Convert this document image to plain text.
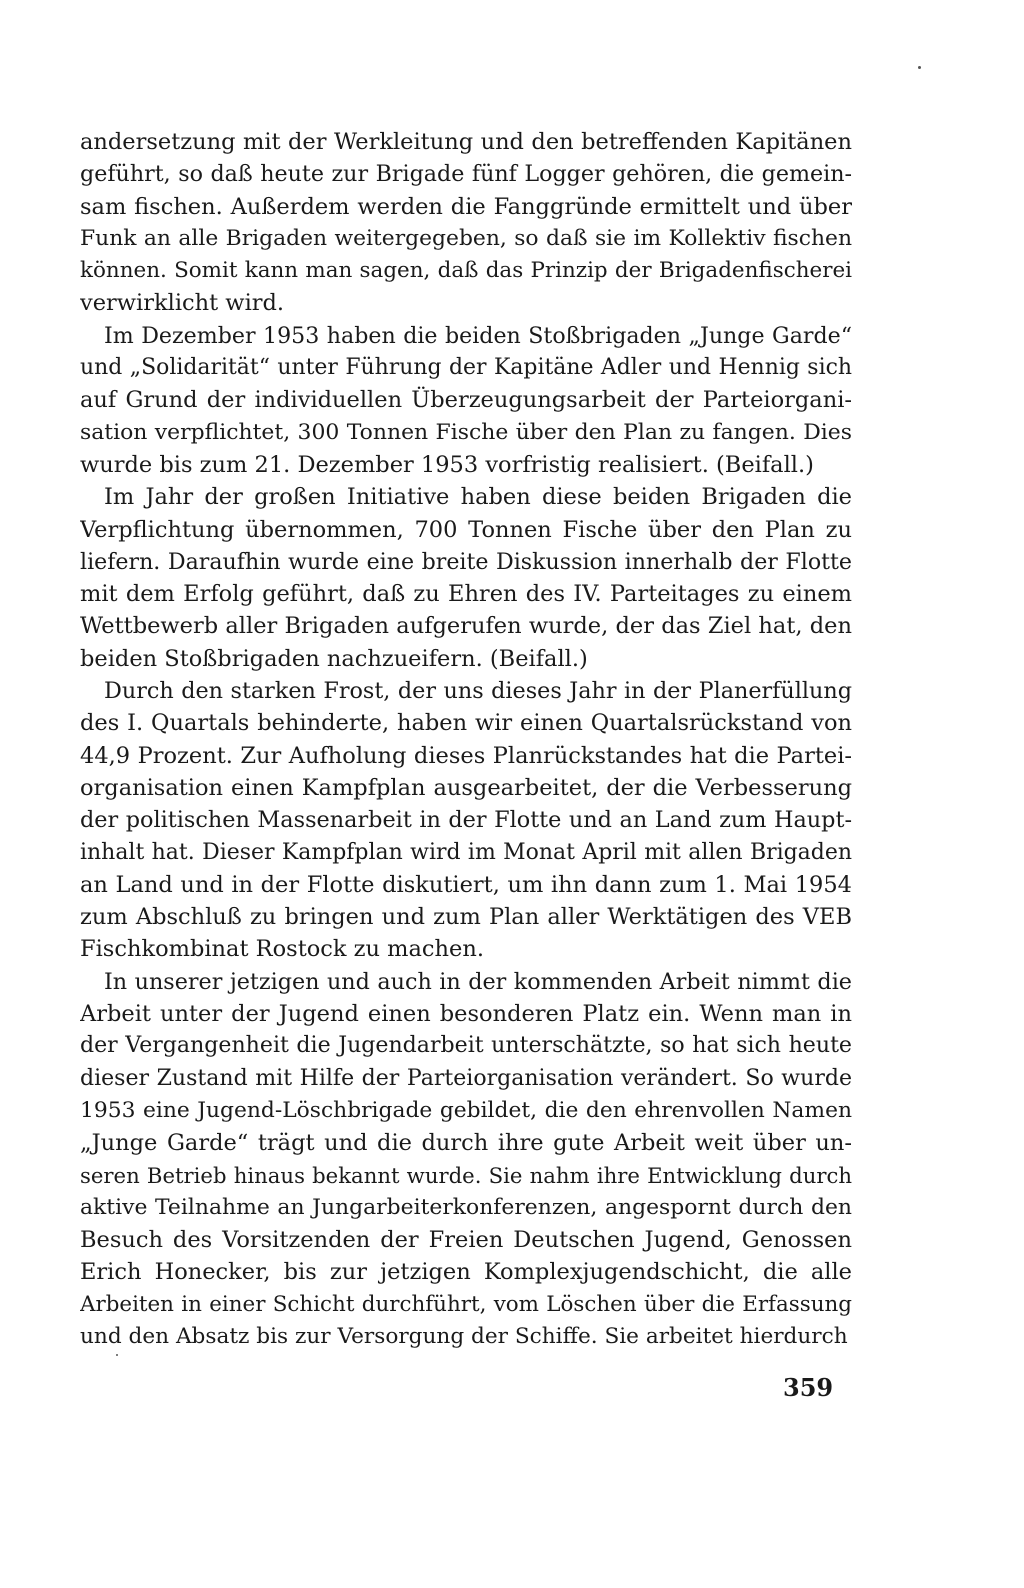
andersetzung mit der Werkleitung und den betreffenden Kapitänen
geführt, so daß heute zur Brigade fünf Logger gehören, die gemein-
sam fischen. Außerdem werden die Fanggründe ermittelt und über
Funk an alle Brigaden weitergegeben, so daß sie im Kollektiv fischen
können. Somit kann man sagen, daß das Prinzip der Brigadenfischerei
verwirklicht wird.
Im Dezember 1953 haben die beiden Stoßbrigaden „Junge Garde“
und „Solidarität“ unter Führung der Kapitäne Adler und Hennig sich
auf Grund der individuellen Überzeugungsarbeit der Parteiorgani-
sation verpflichtet, 300 Tonnen Fische über den Plan zu fangen. Dies
wurde bis zum 21. Dezember 1953 vorfristig realisiert. (Beifall.)
Im Jahr der großen Initiative haben diese beiden Brigaden die
Verpflichtung übernommen, 700 Tonnen Fische über den Plan zu
liefern. Daraufhin wurde eine breite Diskussion innerhalb der Flotte
mit dem Erfolg geführt, daß zu Ehren des IV. Parteitages zu einem
Wettbewerb aller Brigaden aufgerufen wurde, der das Ziel hat, den
beiden Stoßbrigaden nachzueifern. (Beifall.)
Durch den starken Frost, der uns dieses Jahr in der Planerfüllung
des I. Quartals behinderte, haben wir einen Quartalsrückstand von
44,9 Prozent. Zur Aufholung dieses Planrückstandes hat die Partei-
organisation einen Kampfplan ausgearbeitet, der die Verbesserung
der politischen Massenarbeit in der Flotte und an Land zum Haupt-
inhalt hat. Dieser Kampfplan wird im Monat April mit allen Brigaden
an Land und in der Flotte diskutiert, um ihn dann zum 1. Mai 1954
zum Abschluß zu bringen und zum Plan aller Werktätigen des VEB
Fischkombinat Rostock zu machen.
In unserer jetzigen und auch in der kommenden Arbeit nimmt die
Arbeit unter der Jugend einen besonderen Platz ein. Wenn man in
der Vergangenheit die Jugendarbeit unterschätzte, so hat sich heute
dieser Zustand mit Hilfe der Parteiorganisation verändert. So wurde
1953 eine Jugend-Löschbrigade gebildet, die den ehrenvollen Namen
„Junge Garde“ trägt und die durch ihre gute Arbeit weit über un-
seren Betrieb hinaus bekannt wurde. Sie nahm ihre Entwicklung durch
aktive Teilnahme an Jungarbeiterkonferenzen, angespornt durch den
Besuch des Vorsitzenden der Freien Deutschen Jugend, Genossen
Erich Honecker, bis zur jetzigen Komplexjugendschicht, die alle
Arbeiten in einer Schicht durchführt, vom Löschen über die Erfassung
und den Absatz bis zur Versorgung der Schiffe. Sie arbeitet hierdurch
359
